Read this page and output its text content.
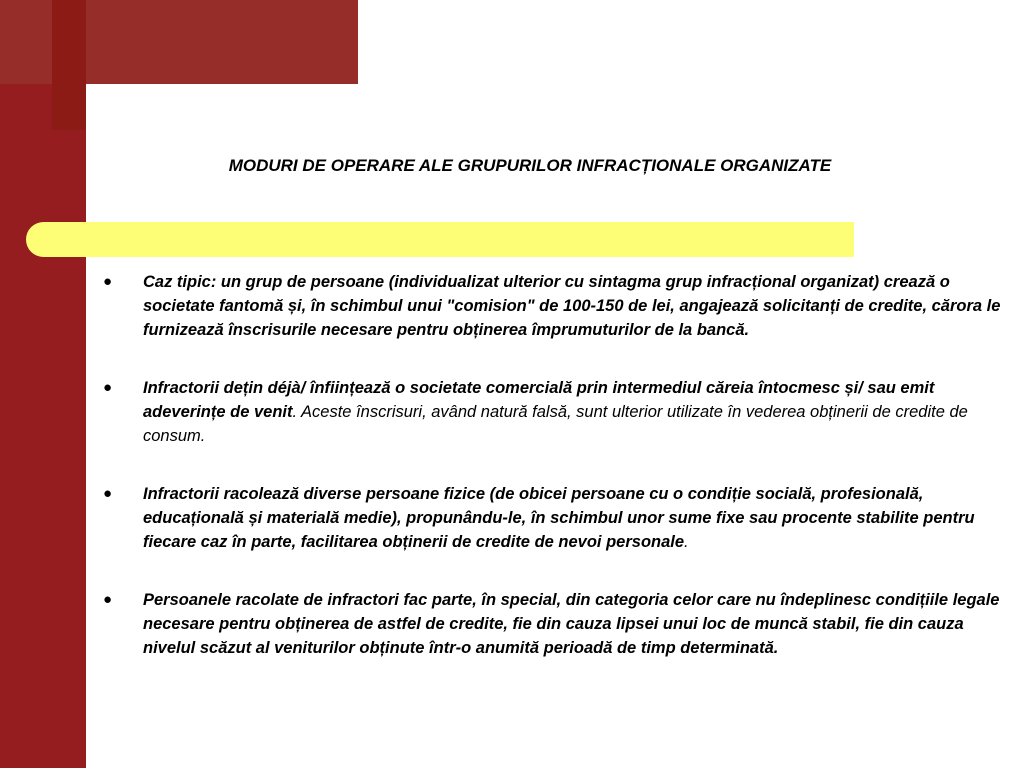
MODURI DE OPERARE ALE GRUPURILOR INFRACȚIONALE ORGANIZATE
● Caz tipic: un grup de persoane (individualizat ulterior cu sintagma grup infracțional organizat) crează o societate fantomă și, în schimbul unui "comision" de 100-150 de lei, angajează solicitanți de credite, cărora le furnizează înscrisurile necesare pentru obținerea împrumuturilor de la bancă.
● Infractorii dețin déjà/ înființează o societate comercială prin intermediul căreia întocmesc și/ sau emit adeverințe de venit. Aceste înscrisuri, având natură falsă, sunt ulterior utilizate în vederea obținerii de credite de consum.
● Infractorii racolează diverse persoane fizice (de obicei persoane cu o condiție socială, profesională, educațională și materială medie), propunându-le, în schimbul unor sume fixe sau procente stabilite pentru fiecare caz în parte, facilitarea obținerii de credite de nevoi personale.
● Persoanele racolate de infractori fac parte, în special, din categoria celor care nu îndeplinesc condițiile legale necesare pentru obținerea de astfel de credite, fie din cauza lipsei unui loc de muncă stabil, fie din cauza nivelul scăzut al veniturilor obținute într-o anumită perioadă de timp determinată.
